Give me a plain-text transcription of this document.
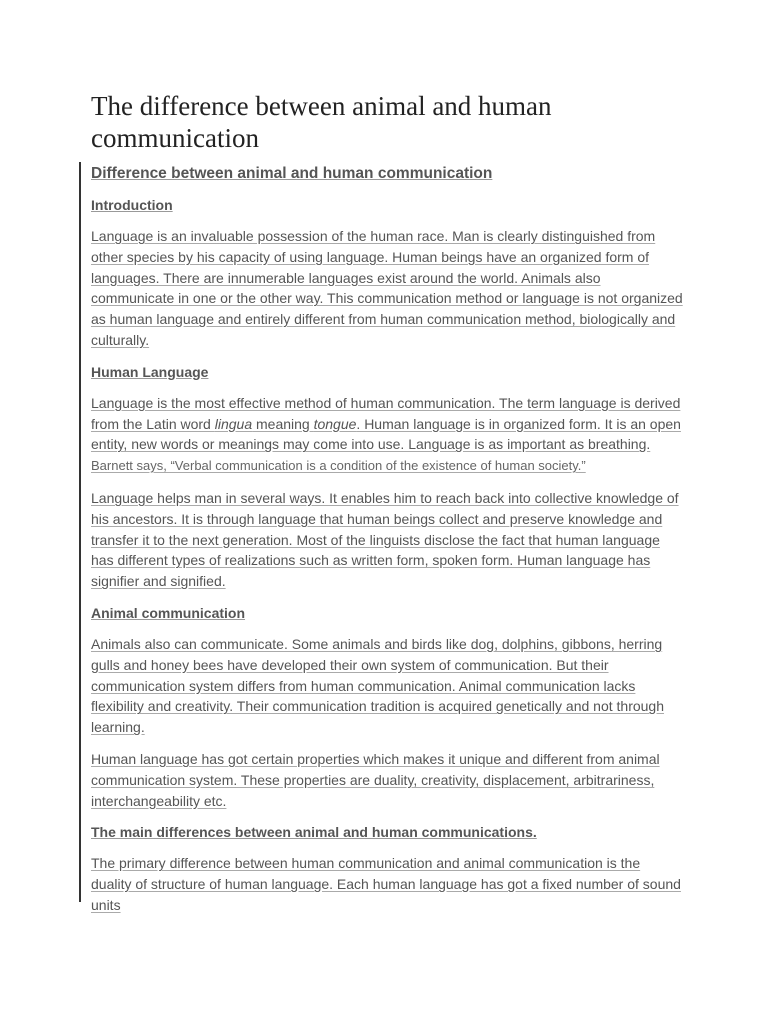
The difference between animal and human communication
Difference between animal and human communication
Introduction

Language is an invaluable possession of the human race. Man is clearly distinguished from other species by his capacity of using language. Human beings have an organized form of languages. There are innumerable languages exist around the world. Animals also communicate in one or the other way. This communication method or language is not organized as human language and entirely different from human communication method, biologically and culturally.

Human Language

Language is the most effective method of human communication. The term language is derived from the Latin word lingua meaning tongue. Human language is in organized form. It is an open entity, new words or meanings may come into use. Language is as important as breathing. Barnett says, “Verbal communication is a condition of the existence of human society.”

Language helps man in several ways. It enables him to reach back into collective knowledge of his ancestors. It is through language that human beings collect and preserve knowledge and transfer it to the next generation. Most of the linguists disclose the fact that human language has different types of realizations such as written form, spoken form. Human language has signifier and signified.

Animal communication

Animals also can communicate. Some animals and birds like dog, dolphins, gibbons, herring gulls and honey bees have developed their own system of communication. But their communication system differs from human communication. Animal communication lacks flexibility and creativity. Their communication tradition is acquired genetically and not through learning.

Human language has got certain properties which makes it unique and different from animal communication system. These properties are duality, creativity, displacement, arbitrariness, interchangeability etc.

The main differences between animal and human communications.

The primary difference between human communication and animal communication is the duality of structure of human language. Each human language has got a fixed number of sound units
